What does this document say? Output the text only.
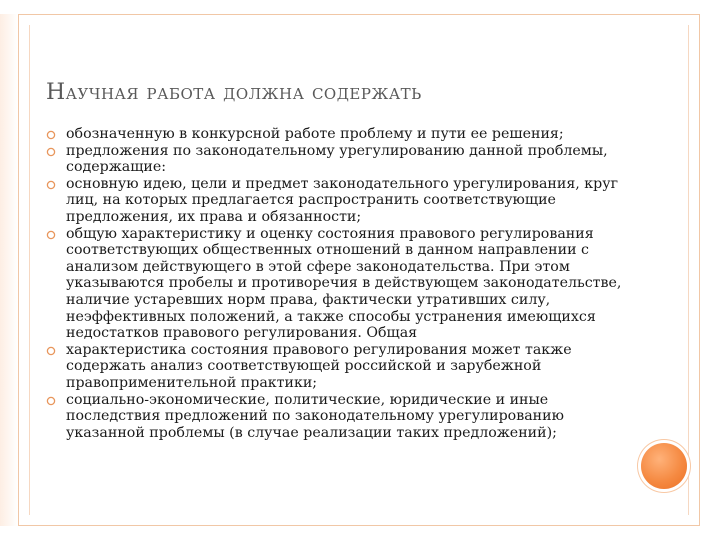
Научная работа должна содержать
обозначенную в конкурсной работе проблему и пути ее решения;
предложения по законодательному урегулированию данной проблемы, содержащие:
основную идею, цели и предмет законодательного урегулирования, круг лиц, на которых предлагается распространить соответствующие предложения, их права и обязанности;
общую характеристику и оценку состояния правового регулирования соответствующих общественных отношений в данном направлении с анализом действующего в этой сфере законодательства. При этом указываются пробелы и противоречия в действующем законодательстве, наличие устаревших норм права, фактически утративших силу, неэффективных положений, а также способы устранения имеющихся недостатков правового регулирования. Общая
характеристика состояния правового регулирования может также содержать анализ соответствующей российской и зарубежной правоприменительной практики;
социально-экономические, политические, юридические и иные последствия предложений по законодательному урегулированию указанной проблемы (в случае реализации таких предложений);
